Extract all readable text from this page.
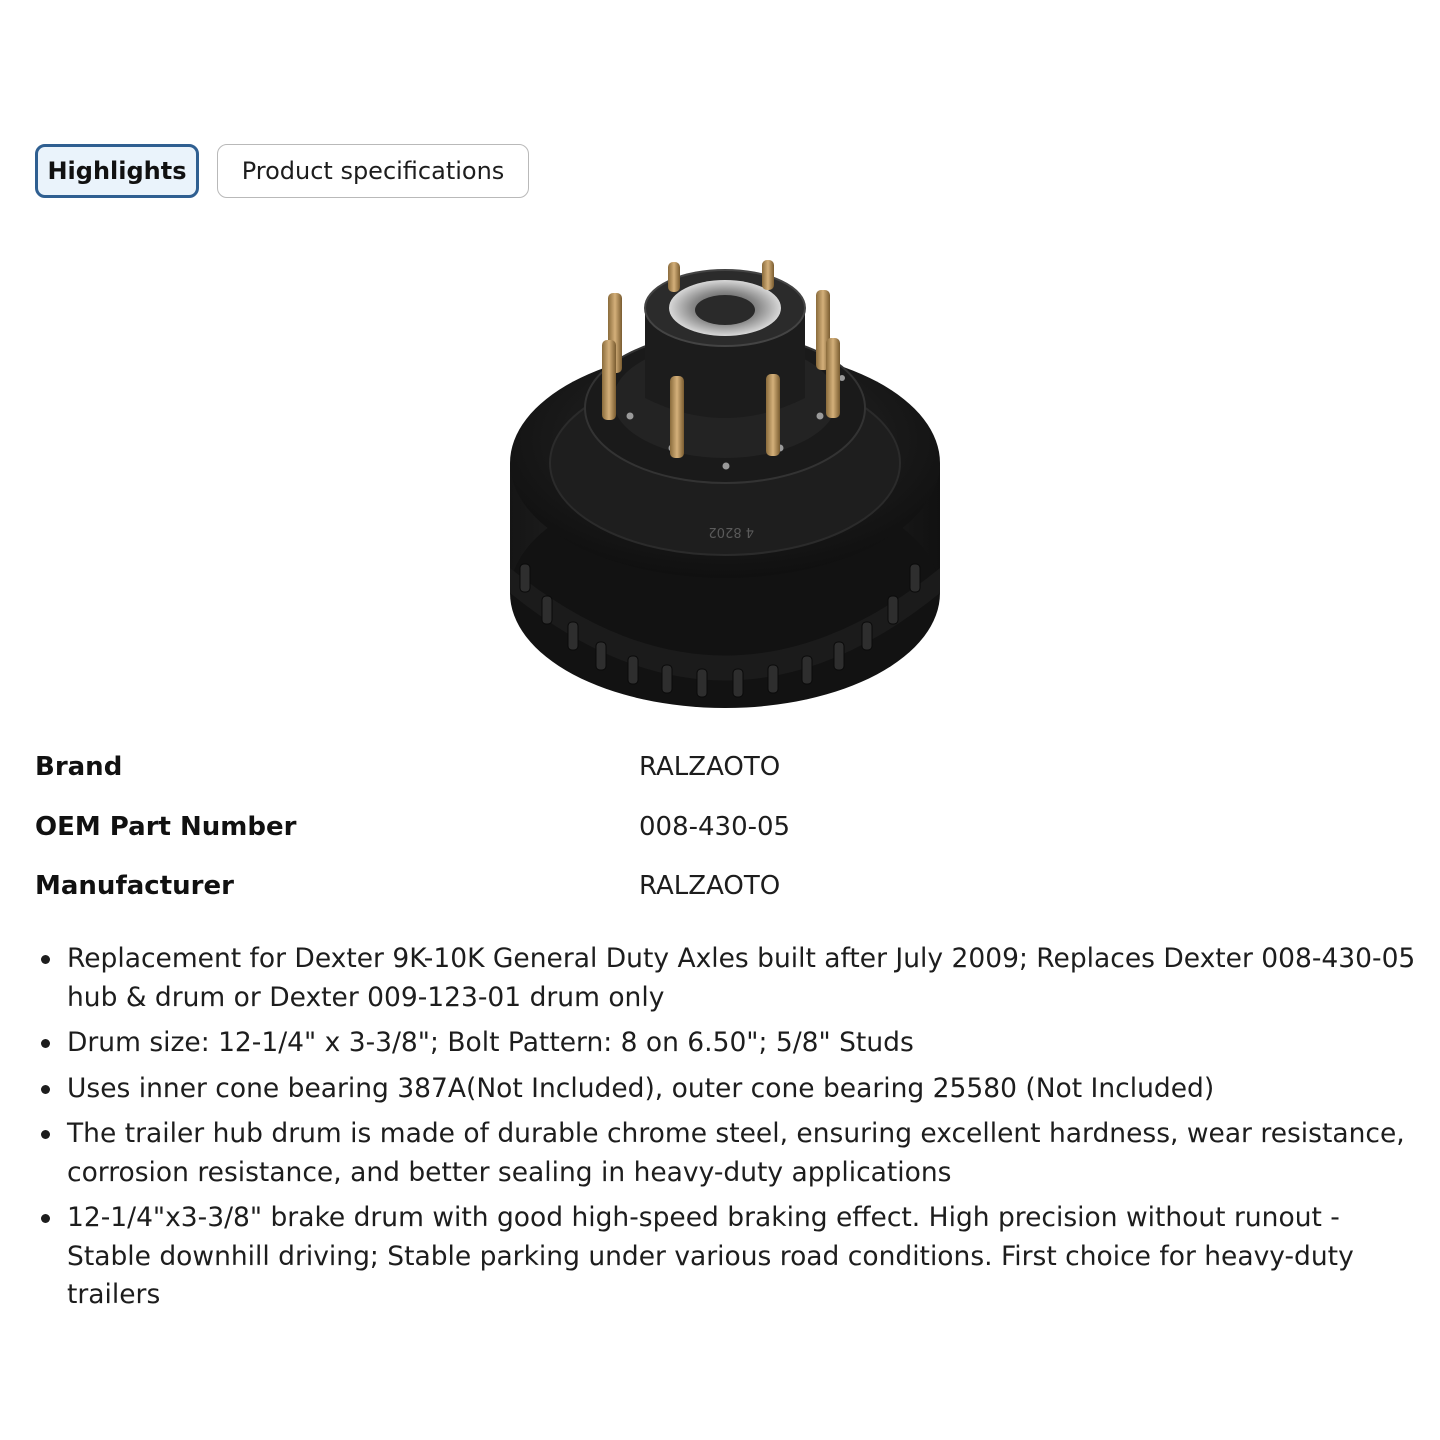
Highlights	Product specifications
4 8202
Brand	RALZAOTO
OEM Part Number	008-430-05
Manufacturer	RALZAOTO
Replacement for Dexter 9K-10K General Duty Axles built after July 2009; Replaces Dexter 008-430-05 hub & drum or Dexter 009-123-01 drum only
Drum size: 12-1/4" x 3-3/8"; Bolt Pattern: 8 on 6.50"; 5/8" Studs
Uses inner cone bearing 387A(Not Included), outer cone bearing 25580 (Not Included)
The trailer hub drum is made of durable chrome steel, ensuring excellent hardness, wear resistance, corrosion resistance, and better sealing in heavy-duty applications
12-1/4"x3-3/8" brake drum with good high-speed braking effect. High precision without runout - Stable downhill driving; Stable parking under various road conditions. First choice for heavy-duty trailers
